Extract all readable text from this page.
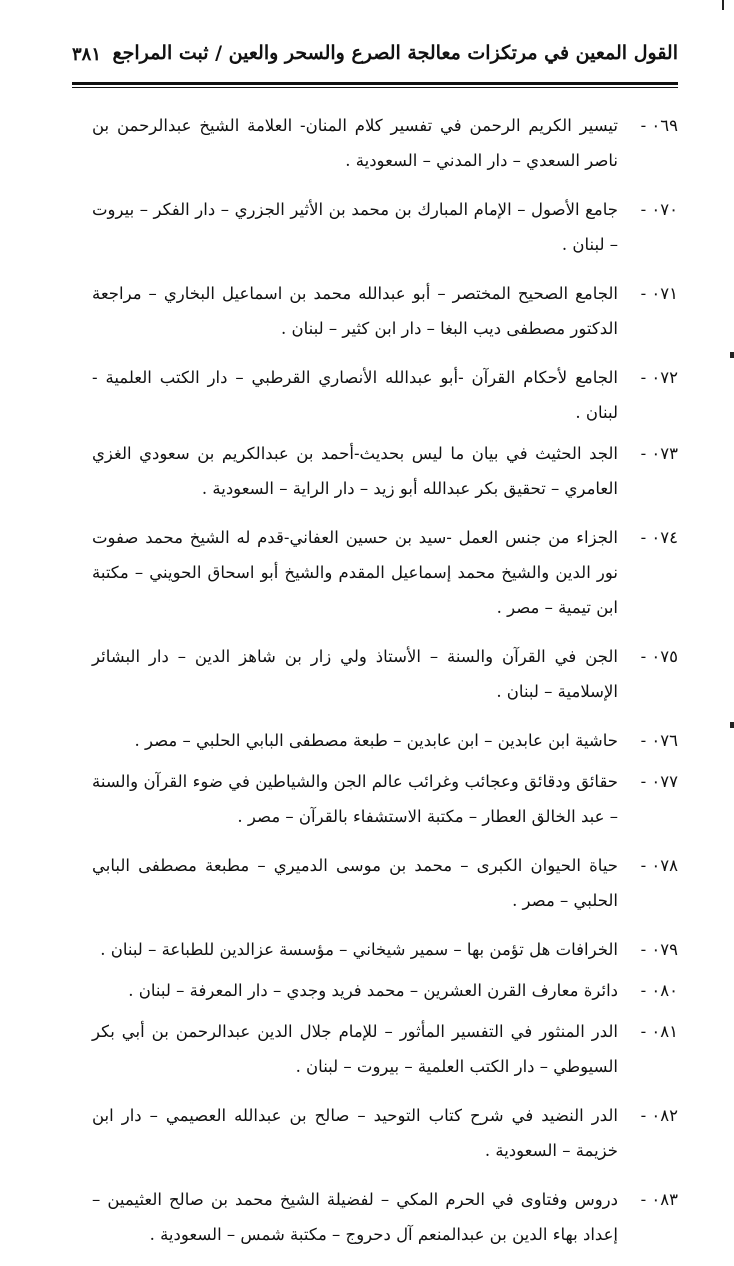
القول المعين في مرتكزات معالجة الصرع والسحر والعين / ثبت المراجع
٣٨١
٠٦٩ -
تيسير الكريم الرحمن في تفسير كلام المنان- العلامة الشيخ عبدالرحمن بن ناصر السعدي – دار المدني – السعودية .
٠٧٠ -
جامع الأصول – الإمام المبارك بن محمد بن الأثير الجزري – دار الفكر – بيروت – لبنان .
٠٧١ -
الجامع الصحيح المختصر – أبو عبدالله محمد بن اسماعيل البخاري – مراجعة الدكتور مصطفى ديب البغا – دار ابن كثير – لبنان .
٠٧٢ -
الجامع لأحكام القرآن -أبو عبدالله الأنصاري القرطبي – دار الكتب العلمية - لبنان .
٠٧٣ -
الجد الحثيث في بيان ما ليس بحديث-أحمد بن عبدالكريم بن سعودي الغزي العامري – تحقيق بكر عبدالله أبو زيد – دار الراية – السعودية .
٠٧٤ -
الجزاء من جنس العمل -سيد بن حسين العفاني-قدم له الشيخ محمد صفوت نور الدين والشيخ محمد إسماعيل المقدم والشيخ أبو اسحاق الحويني – مكتبة ابن تيمية – مصر .
٠٧٥ -
الجن في القرآن والسنة – الأستاذ ولي زار بن شاهز الدين – دار البشائر الإسلامية – لبنان .
٠٧٦ -
حاشية ابن عابدين – ابن عابدين – طبعة مصطفى البابي الحلبي – مصر .
٠٧٧ -
حقائق ودقائق وعجائب وغرائب عالم الجن والشياطين في ضوء القرآن والسنة – عبد الخالق العطار – مكتبة الاستشفاء بالقرآن – مصر .
٠٧٨ -
حياة الحيوان الكبرى – محمد بن موسى الدميري – مطبعة مصطفى البابي الحلبي – مصر .
٠٧٩ -
الخرافات هل تؤمن بها – سمير شيخاني – مؤسسة عزالدين للطباعة – لبنان .
٠٨٠ -
دائرة معارف القرن العشرين – محمد فريد وجدي – دار المعرفة – لبنان .
٠٨١ -
الدر المنثور في التفسير المأثور – للإمام جلال الدين عبدالرحمن بن أبي بكر السيوطي – دار الكتب العلمية – بيروت – لبنان .
٠٨٢ -
الدر النضيد في شرح كتاب التوحيد – صالح بن عبدالله العصيمي – دار ابن خزيمة – السعودية .
٠٨٣ -
دروس وفتاوى في الحرم المكي – لفضيلة الشيخ محمد بن صالح العثيمين – إعداد بهاء الدين بن عبدالمنعم آل دحروج – مكتبة شمس – السعودية .
